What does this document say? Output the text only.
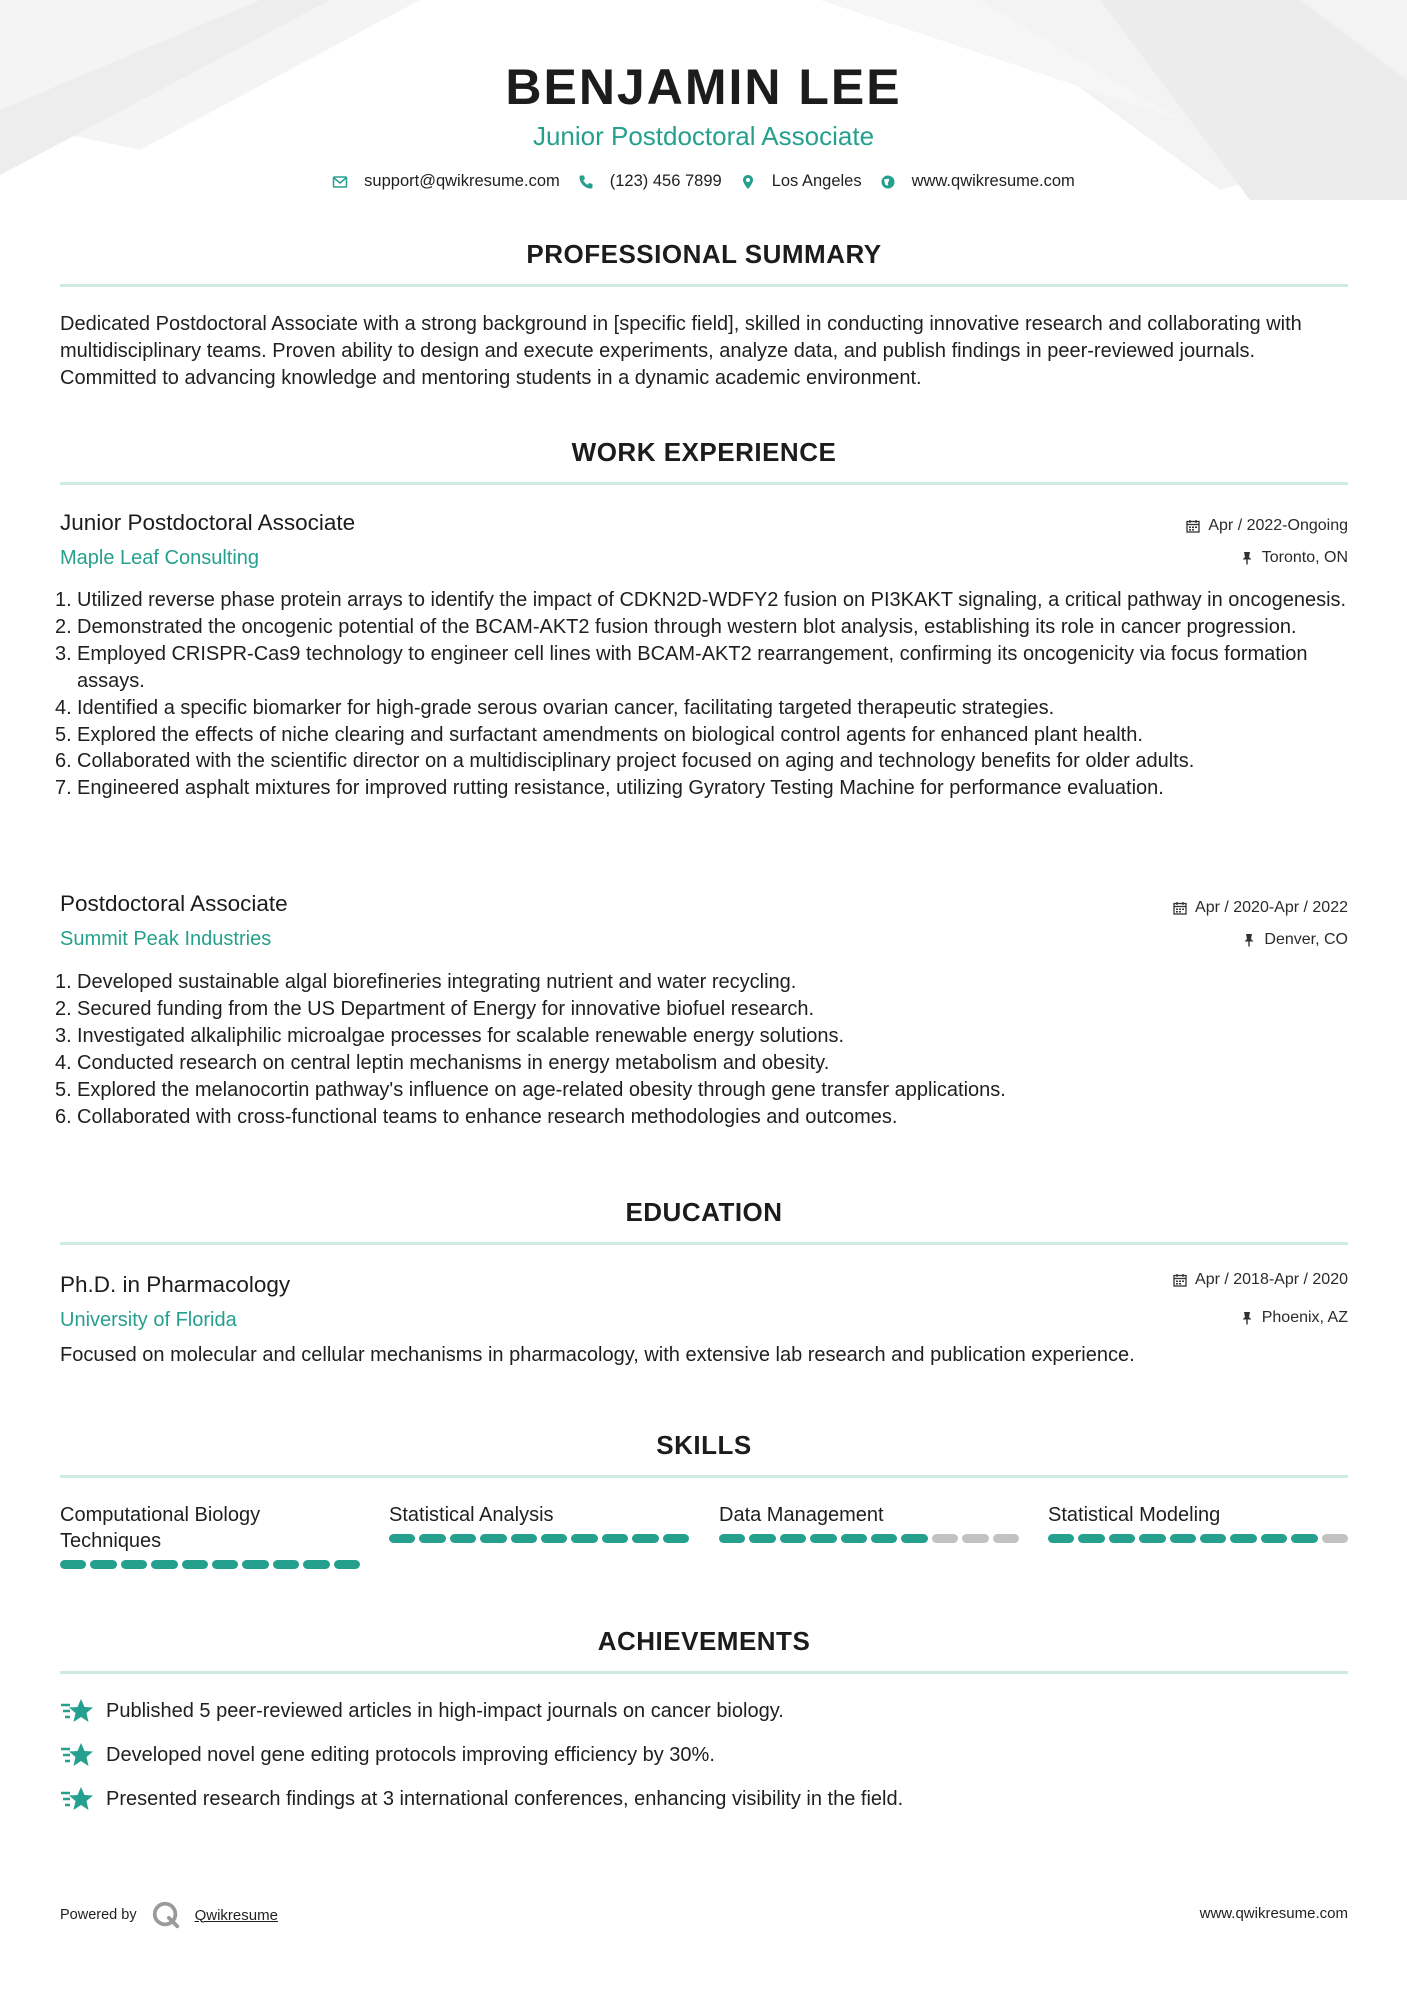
BENJAMIN LEE
Junior Postdoctoral Associate
support@qwikresume.com	(123) 456 7899	Los Angeles	www.qwikresume.com
PROFESSIONAL SUMMARY
Dedicated Postdoctoral Associate with a strong background in [specific field], skilled in conducting innovative research and collaborating with multidisciplinary teams. Proven ability to design and execute experiments, analyze data, and publish findings in peer-reviewed journals. Committed to advancing knowledge and mentoring students in a dynamic academic environment.
WORK EXPERIENCE
Junior Postdoctoral Associate
Maple Leaf Consulting
Apr / 2022-Ongoing
Toronto, ON
1. Utilized reverse phase protein arrays to identify the impact of CDKN2D-WDFY2 fusion on PI3KAKT signaling, a critical pathway in oncogenesis.
2. Demonstrated the oncogenic potential of the BCAM-AKT2 fusion through western blot analysis, establishing its role in cancer progression.
3. Employed CRISPR-Cas9 technology to engineer cell lines with BCAM-AKT2 rearrangement, confirming its oncogenicity via focus formation assays.
4. Identified a specific biomarker for high-grade serous ovarian cancer, facilitating targeted therapeutic strategies.
5. Explored the effects of niche clearing and surfactant amendments on biological control agents for enhanced plant health.
6. Collaborated with the scientific director on a multidisciplinary project focused on aging and technology benefits for older adults.
7. Engineered asphalt mixtures for improved rutting resistance, utilizing Gyratory Testing Machine for performance evaluation.
Postdoctoral Associate
Summit Peak Industries
Apr / 2020-Apr / 2022
Denver, CO
1. Developed sustainable algal biorefineries integrating nutrient and water recycling.
2. Secured funding from the US Department of Energy for innovative biofuel research.
3. Investigated alkaliphilic microalgae processes for scalable renewable energy solutions.
4. Conducted research on central leptin mechanisms in energy metabolism and obesity.
5. Explored the melanocortin pathway's influence on age-related obesity through gene transfer applications.
6. Collaborated with cross-functional teams to enhance research methodologies and outcomes.
EDUCATION
Ph.D. in Pharmacology
University of Florida
Apr / 2018-Apr / 2020
Phoenix, AZ
Focused on molecular and cellular mechanisms in pharmacology, with extensive lab research and publication experience.
SKILLS
Computational Biology Techniques
Statistical Analysis	Data Management	Statistical Modeling
ACHIEVEMENTS
Published 5 peer-reviewed articles in high-impact journals on cancer biology.
Developed novel gene editing protocols improving efficiency by 30%.
Presented research findings at 3 international conferences, enhancing visibility in the field.
Powered by	Qwikresume	www.qwikresume.com
